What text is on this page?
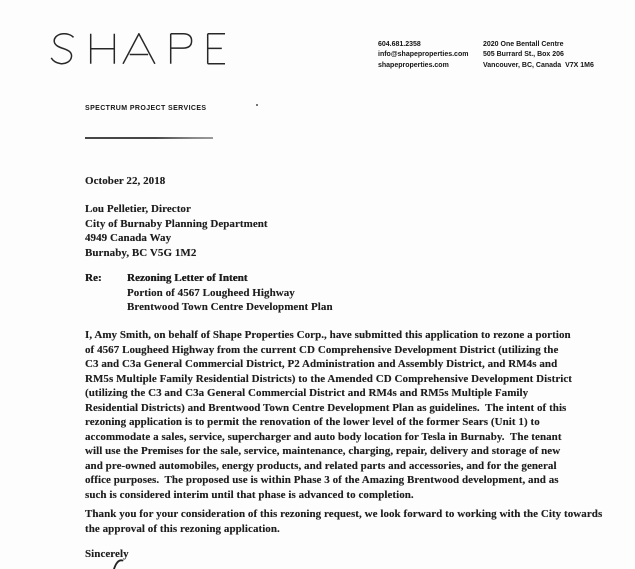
SPECTRUM PROJECT SERVICES
604.681.2358
info@shapeproperties.com
shapeproperties.com
2020 One Bentall Centre
505 Burrard St., Box 206
Vancouver, BC, Canada  V7X 1M6
October 22, 2018
Lou Pelletier, Director
City of Burnaby Planning Department
4949 Canada Way
Burnaby, BC V5G 1M2
Re:	Rezoning Letter of Intent
Portion of 4567 Lougheed Highway
Brentwood Town Centre Development Plan
I, Amy Smith, on behalf of Shape Properties Corp., have submitted this application to rezone a portion
of 4567 Lougheed Highway from the current CD Comprehensive Development District (utilizing the
C3 and C3a General Commercial District, P2 Administration and Assembly District, and RM4s and
RM5s Multiple Family Residential Districts) to the Amended CD Comprehensive Development District
(utilizing the C3 and C3a General Commercial District and RM4s and RM5s Multiple Family
Residential Districts) and Brentwood Town Centre Development Plan as guidelines.  The intent of this
rezoning application is to permit the renovation of the lower level of the former Sears (Unit 1) to
accommodate a sales, service, supercharger and auto body location for Tesla in Burnaby.  The tenant
will use the Premises for the sale, service, maintenance, charging, repair, delivery and storage of new
and pre-owned automobiles, energy products, and related parts and accessories, and for the general
office purposes.  The proposed use is within Phase 3 of the Amazing Brentwood development, and as
such is considered interim until that phase is advanced to completion.
Thank you for your consideration of this rezoning request, we look forward to working with the City towards
the approval of this rezoning application.
Sincerely
